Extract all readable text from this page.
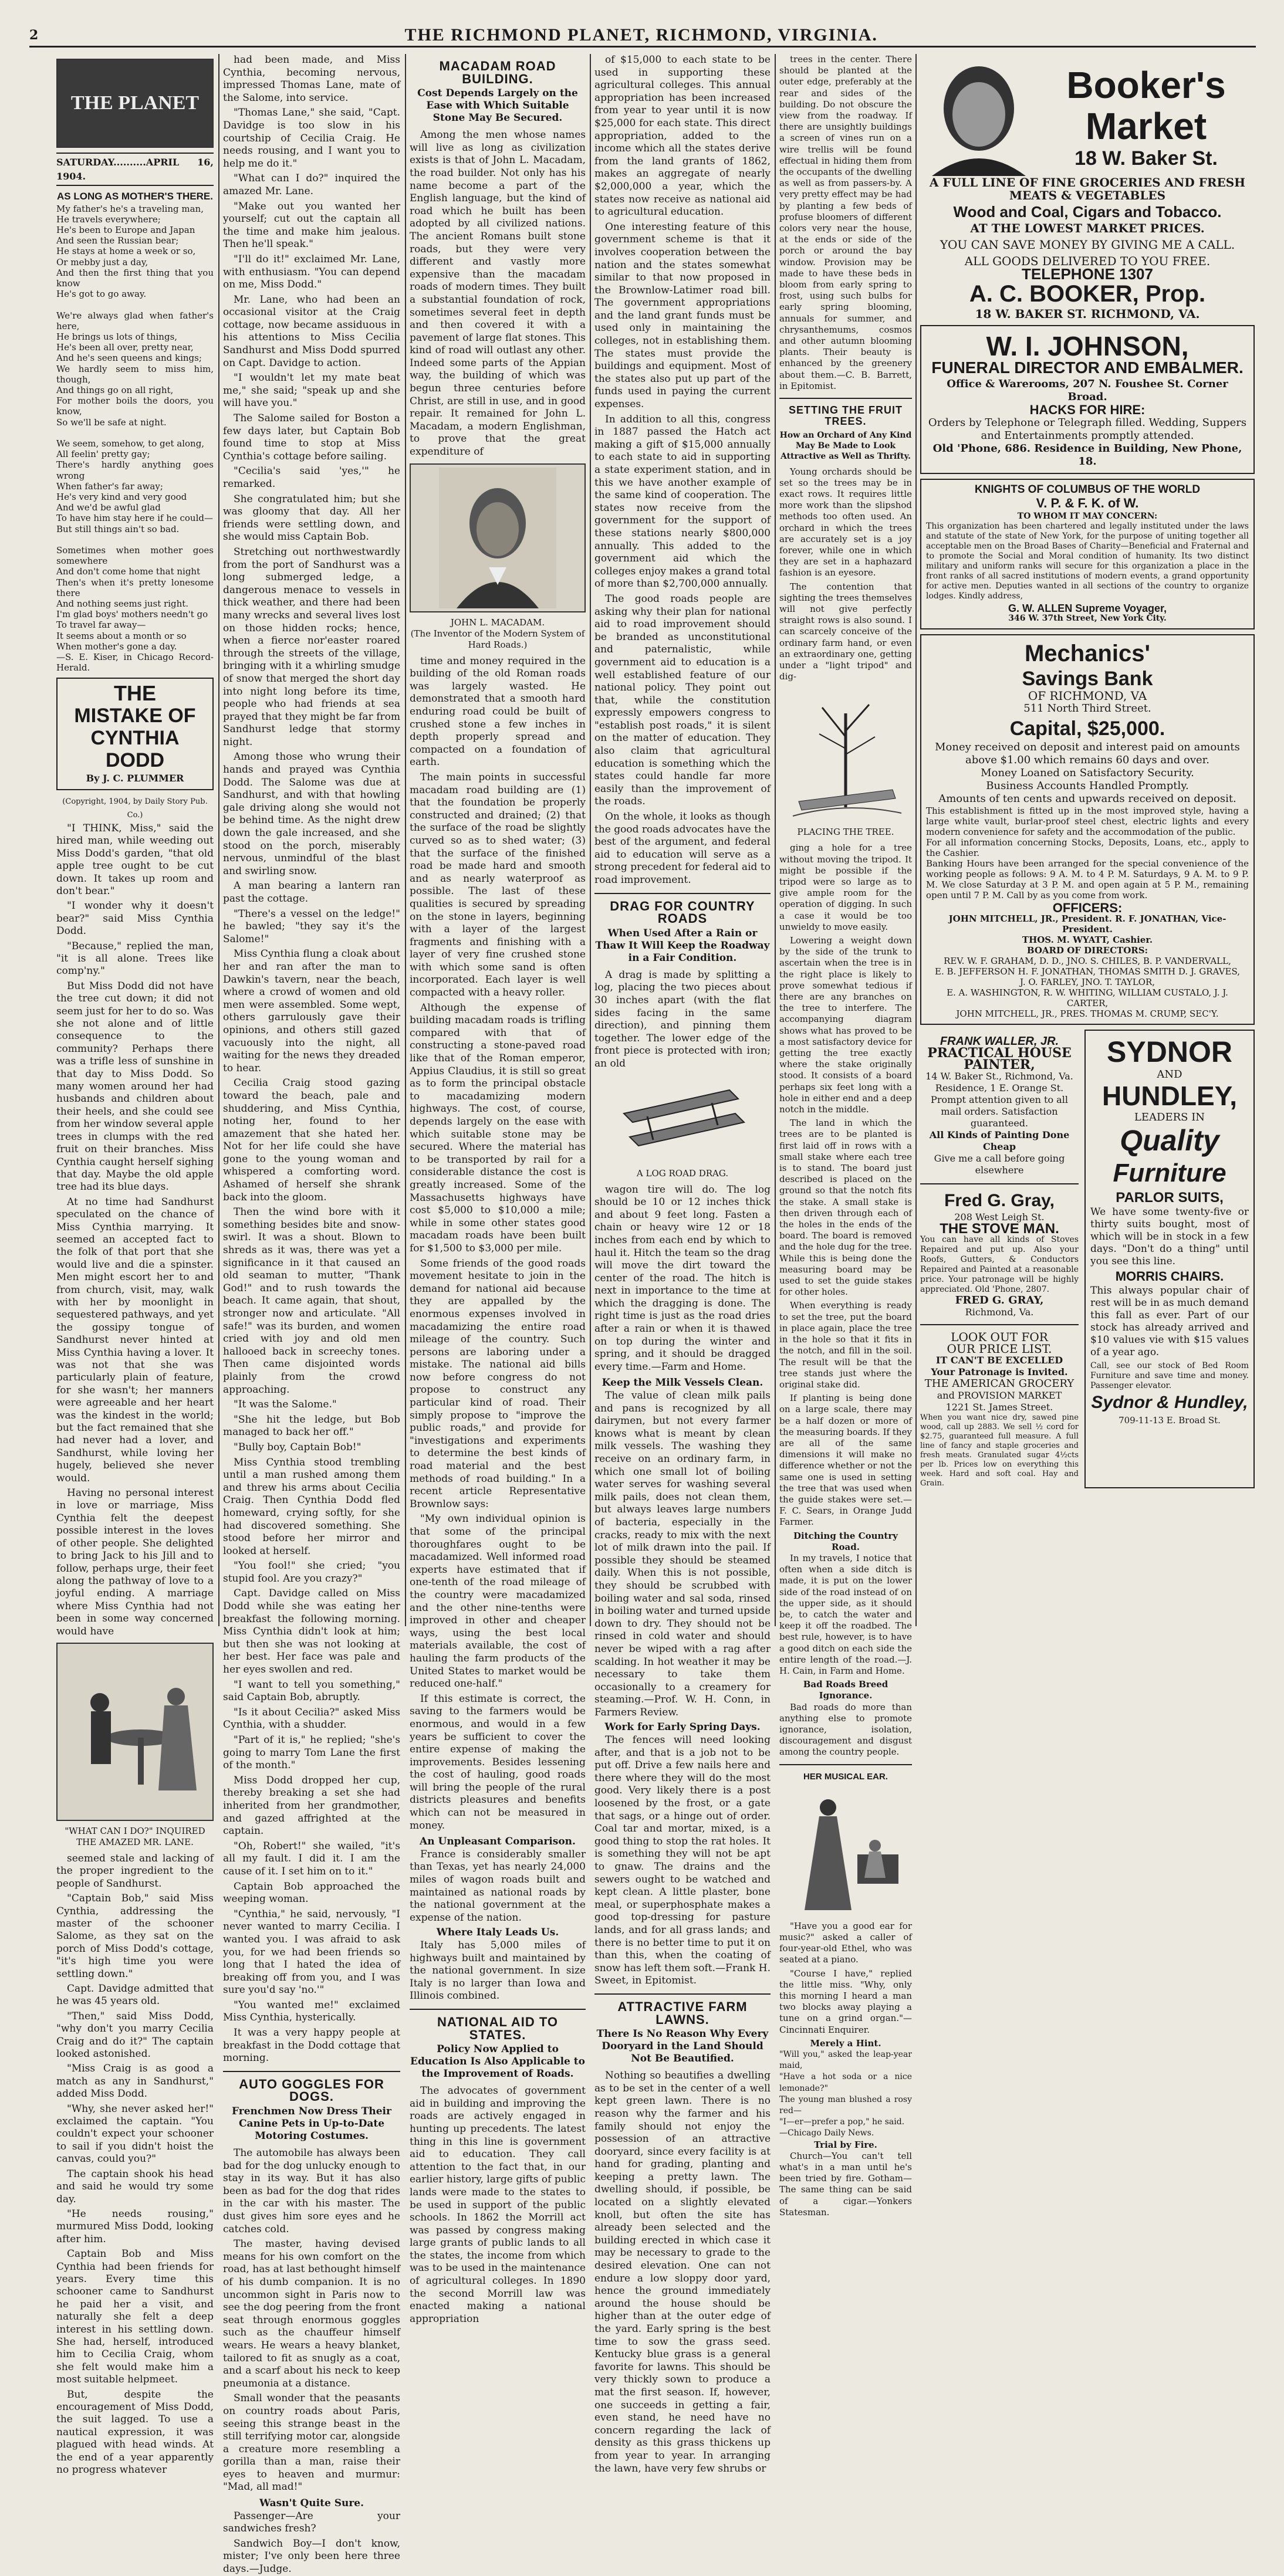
2	THE RICHMOND PLANET, RICHMOND, VIRGINIA.
THE PLANET
SATURDAY..........APRIL 16, 1904.
AS LONG AS MOTHER'S THERE.

My father's he's a traveling man,

He travels everywhere;

He's been to Europe and Japan

And seen the Russian bear;

He stays at home a week or so,

Or mebby just a day,

And then the first thing that you know

He's got to go away.

We're always glad when father's here,

He brings us lots of things,

He's been all over, pretty near,

And he's seen queens and kings;

We hardly seem to miss him, though,

And things go on all right,

For mother boils the doors, you know,

So we'll be safe at night.

We seem, somehow, to get along,

All feelin' pretty gay;

There's hardly anything goes wrong

When father's far away;

He's very kind and very good

And we'd be awful glad

To have him stay here if he could—

But still things ain't so bad.

Sometimes when mother goes somewhere

And don't come home that night

Then's when it's pretty lonesome there

And nothing seems just right.

I'm glad boys' mothers needn't go

To travel far away—

It seems about a month or so

When mother's gone a day.

—S. E. Kiser, in Chicago Record-Herald.

THE
MISTAKE OF
CYNTHIA DODD
By J. C. PLUMMER
(Copyright, 1904, by Daily Story Pub. Co.)

"I THINK, Miss," said the hired man, while weeding out Miss Dodd's garden, "that old apple tree ought to be cut down. It takes up room and don't bear."

"I wonder why it doesn't bear?" said Miss Cynthia Dodd.

"Because," replied the man, "it is all alone. Trees like comp'ny."

But Miss Dodd did not have the tree cut down; it did not seem just for her to do so. Was she not alone and of little consequence to the community? Perhaps there was a trifle less of sunshine in that day to Miss Dodd. So many women around her had husbands and children about their heels, and she could see from her window several apple trees in clumps with the red fruit on their branches. Miss Cynthia caught herself sighing that day. Maybe the old apple tree had its blue days.

At no time had Sandhurst speculated on the chance of Miss Cynthia marrying. It seemed an accepted fact to the folk of that port that she would live and die a spinster. Men might escort her to and from church, visit, may, walk with her by moonlight in sequestered pathways, and yet the gossipy tongue of Sandhurst never hinted at Miss Cynthia having a lover. It was not that she was particularly plain of feature, for she wasn't; her manners were agreeable and her heart was the kindest in the world; but the fact remained that she had never had a lover, and Sandhurst, while loving her hugely, believed she never would.

Having no personal interest in love or marriage, Miss Cynthia felt the deepest possible interest in the loves of other people. She delighted to bring Jack to his Jill and to follow, perhaps urge, their feet along the pathway of love to a joyful ending. A marriage where Miss Cynthia had not been in some way concerned would have

"WHAT CAN I DO?" INQUIRED THE AMAZED MR. LANE.

seemed stale and lacking of the proper ingredient to the people of Sandhurst.

"Captain Bob," said Miss Cynthia, addressing the master of the schooner Salome, as they sat on the porch of Miss Dodd's cottage, "it's high time you were settling down."

Capt. Davidge admitted that he was 45 years old.

"Then," said Miss Dodd, "why don't you marry Cecilia Craig and do it?" The captain looked astonished.

"Miss Craig is as good a match as any in Sandhurst," added Miss Dodd.

"Why, she never asked her!" exclaimed the captain. "You couldn't expect your schooner to sail if you didn't hoist the canvas, could you?"

The captain shook his head and said he would try some day.

"He needs rousing," murmured Miss Dodd, looking after him.

Captain Bob and Miss Cynthia had been friends for years. Every time this schooner came to Sandhurst he paid her a visit, and naturally she felt a deep interest in his settling down. She had, herself, introduced him to Cecilia Craig, whom she felt would make him a most suitable helpmeet.

But, despite the encouragement of Miss Dodd, the suit lagged. To use a nautical expression, it was plagued with head winds. At the end of a year apparently no progress whatever

had been made, and Miss Cynthia, becoming nervous, impressed Thomas Lane, mate of the Salome, into service.

"Thomas Lane," she said, "Capt. Davidge is too slow in his courtship of Cecilia Craig. He needs rousing, and I want you to help me do it."

"What can I do?" inquired the amazed Mr. Lane.

"Make out you wanted her yourself; cut out the captain all the time and make him jealous. Then he'll speak."

"I'll do it!" exclaimed Mr. Lane, with enthusiasm. "You can depend on me, Miss Dodd."

Mr. Lane, who had been an occasional visitor at the Craig cottage, now became assiduous in his attentions to Miss Cecilia Sandhurst and Miss Dodd spurred on Capt. Davidge to action.

"I wouldn't let my mate beat me," she said; "speak up and she will have you."

The Salome sailed for Boston a few days later, but Captain Bob found time to stop at Miss Cynthia's cottage before sailing.

"Cecilia's said 'yes,'" he remarked.

She congratulated him; but she was gloomy that day. All her friends were settling down, and she would miss Captain Bob.

Stretching out northwestwardly from the port of Sandhurst was a long submerged ledge, a dangerous menace to vessels in thick weather, and there had been many wrecks and several lives lost on those hidden rocks; hence, when a fierce nor'easter roared through the streets of the village, bringing with it a whirling smudge of snow that merged the short day into night long before its time, people who had friends at sea prayed that they might be far from Sandhurst ledge that stormy night.

Among those who wrung their hands and prayed was Cynthia Dodd. The Salome was due at Sandhurst, and with that howling gale driving along she would not be behind time. As the night drew down the gale increased, and she stood on the porch, miserably nervous, unmindful of the blast and swirling snow.

A man bearing a lantern ran past the cottage.

"There's a vessel on the ledge!" he bawled; "they say it's the Salome!"

Miss Cynthia flung a cloak about her and ran after the man to Dawkin's tavern, near the beach, where a crowd of women and old men were assembled. Some wept, others garrulously gave their opinions, and others still gazed vacuously into the night, all waiting for the news they dreaded to hear.

Cecilia Craig stood gazing toward the beach, pale and shuddering, and Miss Cynthia, noting her, found to her amazement that she hated her. Not for her life could she have gone to the young woman and whispered a comforting word. Ashamed of herself she shrank back into the gloom.

Then the wind bore with it something besides bite and snow-swirl. It was a shout. Blown to shreds as it was, there was yet a significance in it that caused an old seaman to mutter, "Thank God!" and to rush towards the beach. It came again, that shout, stronger now and articulate. "All safe!" was its burden, and women cried with joy and old men hallooed back in screechy tones. Then came disjointed words plainly from the crowd approaching.

"It was the Salome."

"She hit the ledge, but Bob managed to back her off."

"Bully boy, Captain Bob!"

Miss Cynthia stood trembling until a man rushed among them and threw his arms about Cecilia Craig. Then Cynthia Dodd fled homeward, crying softly, for she had discovered something. She stood before her mirror and looked at herself.

"You fool!" she cried; "you stupid fool. Are you crazy?"

Capt. Davidge called on Miss Dodd while she was eating her breakfast the following morning. Miss Cynthia didn't look at him; but then she was not looking at her best. Her face was pale and her eyes swollen and red.

"I want to tell you something," said Captain Bob, abruptly.

"Is it about Cecilia?" asked Miss Cynthia, with a shudder.

"Part of it is," he replied; "she's going to marry Tom Lane the first of the month."

Miss Dodd dropped her cup, thereby breaking a set she had inherited from her grandmother, and gazed affrighted at the captain.

"Oh, Robert!" she wailed, "it's all my fault. I did it. I am the cause of it. I set him on to it."

Captain Bob approached the weeping woman.

"Cynthia," he said, nervously, "I never wanted to marry Cecilia. I wanted you. I was afraid to ask you, for we had been friends so long that I hated the idea of breaking off from you, and I was sure you'd say 'no.'"

"You wanted me!" exclaimed Miss Cynthia, hysterically.

It was a very happy people at breakfast in the Dodd cottage that morning.

AUTO GOGGLES FOR DOGS.
Frenchmen Now Dress Their Canine Pets in Up-to-Date Motoring Costumes.

The automobile has always been bad for the dog unlucky enough to stay in its way. But it has also been as bad for the dog that rides in the car with his master. The dust gives him sore eyes and he catches cold.

The master, having devised means for his own comfort on the road, has at last bethought himself of his dumb companion. It is no uncommon sight in Paris now to see the dog peering from the front seat through enormous goggles such as the chauffeur himself wears. He wears a heavy blanket, tailored to fit as snugly as a coat, and a scarf about his neck to keep pneumonia at a distance.

Small wonder that the peasants on country roads about Paris, seeing this strange beast in the still terrifying motor car, alongside a creature more resembling a gorilla than a man, raise their eyes to heaven and murmur: "Mad, all mad!"

Wasn't Quite Sure.

Passenger—Are your sandwiches fresh?

Sandwich Boy—I don't know, mister; I've only been here three days.—Judge.

MACADAM ROAD BUILDING.
Cost Depends Largely on the Ease with Which Suitable Stone May Be Secured.

Among the men whose names will live as long as civilization exists is that of John L. Macadam, the road builder. Not only has his name become a part of the English language, but the kind of road which he built has been adopted by all civilized nations. The ancient Romans built stone roads, but they were very different and vastly more expensive than the macadam roads of modern times. They built a substantial foundation of rock, sometimes several feet in depth and then covered it with a pavement of large flat stones. This kind of road will outlast any other. Indeed some parts of the Appian way, the building of which was begun three centuries before Christ, are still in use, and in good repair. It remained for John L. Macadam, a modern Englishman, to prove that the great expenditure of

JOHN L. MACADAM.
(The Inventor of the Modern System of Hard Roads.)

time and money required in the building of the old Roman roads was largely wasted. He demonstrated that a smooth hard enduring road could be built of crushed stone a few inches in depth properly spread and compacted on a foundation of earth.

The main points in successful macadam road building are (1) that the foundation be properly constructed and drained; (2) that the surface of the road be slightly curved so as to shed water; (3) that the surface of the finished road be made hard and smooth and as nearly waterproof as possible. The last of these qualities is secured by spreading on the stone in layers, beginning with a layer of the largest fragments and finishing with a layer of very fine crushed stone with which some sand is often incorporated. Each layer is well compacted with a heavy roller.

Although the expense of building macadam roads is trifling compared with that of constructing a stone-paved road like that of the Roman emperor, Appius Claudius, it is still so great as to form the principal obstacle to macadamizing modern highways. The cost, of course, depends largely on the ease with which suitable stone may be secured. Where the material has to be transported by rail for a considerable distance the cost is greatly increased. Some of the Massachusetts highways have cost $5,000 to $10,000 a mile; while in some other states good macadam roads have been built for $1,500 to $3,000 per mile.

Some friends of the good roads movement hesitate to join in the demand for national aid because they are appalled by the enormous expenses involved in macadamizing the entire road mileage of the country. Such persons are laboring under a mistake. The national aid bills now before congress do not propose to construct any particular kind of road. Their simply propose to "improve the public roads," and provide for "investigations and experiments to determine the best kinds of road material and the best methods of road building." In a recent article Representative Brownlow says:

"My own individual opinion is that some of the principal thoroughfares ought to be macadamized. Well informed road experts have estimated that if one-tenth of the road mileage of the country were macadamized and the other nine-tenths were improved in other and cheaper ways, using the best local materials available, the cost of hauling the farm products of the United States to market would be reduced one-half."

If this estimate is correct, the saving to the farmers would be enormous, and would in a few years be sufficient to cover the entire expense of making the improvements. Besides lessening the cost of hauling, good roads will bring the people of the rural districts pleasures and benefits which can not be measured in money.

An Unpleasant Comparison.

France is considerably smaller than Texas, yet has nearly 24,000 miles of wagon roads built and maintained as national roads by the national government at the expense of the nation.

Where Italy Leads Us.

Italy has 5,000 miles of highways built and maintained by the national government. In size Italy is no larger than Iowa and Illinois combined.

NATIONAL AID TO STATES.
Policy Now Applied to Education Is Also Applicable to the Improvement of Roads.

The advocates of government aid in building and improving the roads are actively engaged in hunting up precedents. The latest thing in this line is government aid to education. They call attention to the fact that, in our earlier history, large gifts of public lands were made to the states to be used in support of the public schools. In 1862 the Morrill act was passed by congress making large grants of public lands to all the states, the income from which was to be used in the maintenance of agricultural colleges. In 1890 the second Morrill law was enacted making a national appropriation

of $15,000 to each state to be used in supporting these agricultural colleges. This annual appropriation has been increased from year to year until it is now $25,000 for each state. This direct appropriation, added to the income which all the states derive from the land grants of 1862, makes an aggregate of nearly $2,000,000 a year, which the states now receive as national aid to agricultural education.

One interesting feature of this government scheme is that it involves cooperation between the nation and the states somewhat similar to that now proposed in the Brownlow-Latimer road bill. The government appropriations and the land grant funds must be used only in maintaining the colleges, not in establishing them. The states must provide the buildings and equipment. Most of the states also put up part of the funds used in paying the current expenses.

In addition to all this, congress in 1887 passed the Hatch act making a gift of $15,000 annually to each state to aid in supporting a state experiment station, and in this we have another example of the same kind of cooperation. The states now receive from the government for the support of these stations nearly $800,000 annually. This added to the government aid which the colleges enjoy makes a grand total of more than $2,700,000 annually.

The good roads people are asking why their plan for national aid to road improvement should be branded as unconstitutional and paternalistic, while government aid to education is a well established feature of our national policy. They point out that, while the constitution expressly empowers congress to "establish post roads," it is silent on the matter of education. They also claim that agricultural education is something which the states could handle far more easily than the improvement of the roads.

On the whole, it looks as though the good roads advocates have the best of the argument, and federal aid to education will serve as a strong precedent for federal aid to road improvement.

DRAG FOR COUNTRY ROADS
When Used After a Rain or Thaw It Will Keep the Roadway in a Fair Condition.

A drag is made by splitting a log, placing the two pieces about 30 inches apart (with the flat sides facing in the same direction), and pinning them together. The lower edge of the front piece is protected with iron; an old

A LOG ROAD DRAG.

wagon tire will do. The log should be 10 or 12 inches thick and about 9 feet long. Fasten a chain or heavy wire 12 or 18 inches from each end by which to haul it. Hitch the team so the drag will move the dirt toward the center of the road. The hitch is next in importance to the time at which the dragging is done. The right time is just as the road dries after a rain or when it is thawed on top during the winter and spring, and it should be dragged every time.—Farm and Home.

Keep the Milk Vessels Clean.

The value of clean milk pails and pans is recognized by all dairymen, but not every farmer knows what is meant by clean milk vessels. The washing they receive on an ordinary farm, in which one small lot of boiling water serves for washing several milk pails, does not clean them, but always leaves large numbers of bacteria, especially in the cracks, ready to mix with the next lot of milk drawn into the pail. If possible they should be steamed daily. When this is not possible, they should be scrubbed with boiling water and sal soda, rinsed in boiling water and turned upside down to dry. They should not be rinsed in cold water and should never be wiped with a rag after scalding. In hot weather it may be necessary to take them occasionally to a creamery for steaming.—Prof. W. H. Conn, in Farmers Review.

Work for Early Spring Days.

The fences will need looking after, and that is a job not to be put off. Drive a few nails here and there where they will do the most good. Very likely there is a post loosened by the frost, or a gate that sags, or a hinge out of order. Coal tar and mortar, mixed, is a good thing to stop the rat holes. It is something they will not be apt to gnaw. The drains and the sewers ought to be watched and kept clean. A little plaster, bone meal, or superphosphate makes a good top-dressing for pasture lands, and for all grass lands; and there is no better time to put it on than this, when the coating of snow has left them soft.—Frank H. Sweet, in Epitomist.

ATTRACTIVE FARM LAWNS.
There Is No Reason Why Every Dooryard in the Land Should Not Be Beautified.

Nothing so beautifies a dwelling as to be set in the center of a well kept green lawn. There is no reason why the farmer and his family should not enjoy the possession of an attractive dooryard, since every facility is at hand for grading, planting and keeping a pretty lawn. The dwelling should, if possible, be located on a slightly elevated knoll, but often the site has already been selected and the building erected in which case it may be necessary to grade to the desired elevation. One can not endure a low sloppy door yard, hence the ground immediately around the house should be higher than at the outer edge of the yard. Early spring is the best time to sow the grass seed. Kentucky blue grass is a general favorite for lawns. This should be very thickly sown to produce a mat the first season. If, however, one succeeds in getting a fair, even stand, he need have no concern regarding the lack of density as this grass thickens up from year to year. In arranging the lawn, have very few shrubs or

trees in the center. There should be planted at the outer edge, preferably at the rear and sides of the building. Do not obscure the view from the roadway. If there are unsightly buildings a screen of vines run on a wire trellis will be found effectual in hiding them from the occupants of the dwelling as well as from passers-by. A very pretty effect may be had by planting a few beds of profuse bloomers of different colors very near the house, at the ends or side of the porch or around the bay window. Provision may be made to have these beds in bloom from early spring to frost, using such bulbs for early spring blooming, annuals for summer, and chrysanthemums, cosmos and other autumn blooming plants. Their beauty is enhanced by the greenery about them.—C. B. Barrett, in Epitomist.

SETTING THE FRUIT TREES.
How an Orchard of Any Kind May Be Made to Look Attractive as Well as Thrifty.

Young orchards should be set so the trees may be in exact rows. It requires little more work than the slipshod methods too often used. An orchard in which the trees are accurately set is a joy forever, while one in which they are set in a haphazard fashion is an eyesore.

The contention that sighting the trees themselves will not give perfectly straight rows is also sound. I can scarcely conceive of the ordinary farm hand, or even an extraordinary one, getting under a "light tripod" and dig-

PLACING THE TREE.

ging a hole for a tree without moving the tripod. It might be possible if the tripod were so large as to give ample room for the operation of digging. In such a case it would be too unwieldy to move easily.

Lowering a weight down by the side of the trunk to ascertain when the tree is in the right place is likely to prove somewhat tedious if there are any branches on the tree to interfere. The accompanying diagram shows what has proved to be a most satisfactory device for getting the tree exactly where the stake originally stood. It consists of a board perhaps six feet long with a hole in either end and a deep notch in the middle.

The land in which the trees are to be planted is first laid off in rows with a small stake where each tree is to stand. The board just described is placed on the ground so that the notch fits the stake. A small stake is then driven through each of the holes in the ends of the board. The board is removed and the hole dug for the tree. While this is being done the measuring board may be used to set the guide stakes for other holes.

When everything is ready to set the tree, put the board in place again, place the tree in the hole so that it fits in the notch, and fill in the soil. The result will be that the tree stands just where the original stake did.

If planting is being done on a large scale, there may be a half dozen or more of the measuring boards. If they are all of the same dimensions it will make no difference whether or not the same one is used in setting the tree that was used when the guide stakes were set.—F. C. Sears, in Orange Judd Farmer.

Ditching the Country Road.

In my travels, I notice that often when a side ditch is made, it is put on the lower side of the road instead of on the upper side, as it should be, to catch the water and keep it off the roadbed. The best rule, however, is to have a good ditch on each side the entire length of the road.—J. H. Cain, in Farm and Home.

Bad Roads Breed Ignorance.

Bad roads do more than anything else to promote ignorance, isolation, discouragement and disgust among the country people.

HER MUSICAL EAR.

"Have you a good ear for music?" asked a caller of four-year-old Ethel, who was seated at a piano.

"Course I have," replied the little miss. "Why, only this morning I heard a man two blocks away playing a tune on a grind organ."—Cincinnati Enquirer.

Merely a Hint.

"Will you," asked the leap-year maid,

"Have a hot soda or a nice lemonade?"

The young man blushed a rosy red—

"I—er—prefer a pop," he said.

—Chicago Daily News.

Trial by Fire.

Church—You can't tell what's in a man until he's been tried by fire. Gotham—The same thing can be said of a cigar.—Yonkers Statesman.

Booker's
Market
18 W. Baker St.
A FULL LINE OF FINE GROCERIES AND FRESH MEATS & VEGETABLES
Wood and Coal, Cigars and Tobacco.
AT THE LOWEST MARKET PRICES.
YOU CAN SAVE MONEY BY GIVING ME A CALL.
ALL GOODS DELIVERED TO YOU FREE.
TELEPHONE 1307
A. C. BOOKER, Prop.
18 W. BAKER ST. RICHMOND, VA.
W. I. JOHNSON,
FUNERAL DIRECTOR AND EMBALMER.
Office & Warerooms, 207 N. Foushee St. Corner Broad.
HACKS FOR HIRE:
Orders by Telephone or Telegraph filled. Wedding, Suppers and Entertainments promptly attended.
Old 'Phone, 686. Residence in Building, New Phone, 18.
KNIGHTS OF COLUMBUS OF THE WORLD
V. P. & F. K. of W.
TO WHOM IT MAY CONCERN:
This organization has been chartered and legally instituted under the laws and statute of the state of New York, for the purpose of uniting together all acceptable men on the Broad Bases of Charity—Beneficial and Fraternal and to promote the Social and Moral condition of humanity. Its two distinct military and uniform ranks will secure for this organization a place in the front ranks of all sacred institutions of modern events, a grand opportunity for active men. Deputies wanted in all sections of the country to organize lodges. Kindly address,
G. W. ALLEN Supreme Voyager,
346 W. 37th Street, New York City.
Mechanics'
Savings Bank
OF RICHMOND, VA
511 North Third Street.
Capital, $25,000.
Money received on deposit and interest paid on amounts above $1.00 which remains 60 days and over.
Money Loaned on Satisfactory Security.
Business Accounts Handled Promptly.
Amounts of ten cents and upwards received on deposit.
This establishment is fitted up in the most improved style, having a large white vault, burlar-proof steel chest, electric lights and every modern convenience for safety and the accommodation of the public.
For all information concerning Stocks, Deposits, Loans, etc., apply to the Cashier.
Banking Hours have been arranged for the special convenience of the working people as follows: 9 A. M. to 4 P. M. Saturdays, 9 A. M. to 9 P. M. We close Saturday at 3 P. M. and open again at 5 P. M., remaining open until 7 P. M. Call by as you come from work.
OFFICERS:
JOHN MITCHELL, JR., President. R. F. JONATHAN, Vice-President.
THOS. M. WYATT, Cashier.
BOARD OF DIRECTORS:
REV. W. F. GRAHAM, D. D., JNO. S. CHILES, B. P. VANDERVALL,
E. B. JEFFERSON H. F. JONATHAN, THOMAS SMITH D. J. GRAVES,
J. O. FARLEY, JNO. T. TAYLOR,
E. A. WASHINGTON, R. W. WHITING, WILLIAM CUSTALO, J. J. CARTER,
JOHN MITCHELL, JR., PRES. THOMAS M. CRUMP, SEC'Y.
FRANK WALLER, JR.
PRACTICAL HOUSE PAINTER,
14 W. Baker St., Richmond, Va.
Residence, 1 E. Orange St.
Prompt attention given to all mail orders. Satisfaction guaranteed.
All Kinds of Painting Done Cheap
Give me a call before going elsewhere
Fred G. Gray,
208 West Leigh St.
THE STOVE MAN.
You can have all kinds of Stoves Repaired and put up. Also your Roofs, Gutters, & Conductors Repaired and Painted at a reasonable price. Your patronage will be highly appreciated. Old 'Phone, 2807.
FRED G. GRAY,
Richmond, Va.
LOOK OUT FOR
OUR PRICE LIST.
IT CAN'T BE EXCELLED
Your Patronage is Invited.
THE AMERICAN GROCERY
and PROVISION MARKET
1221 St. James Street.
When you want nice dry, sawed pine wood, call up 2883. We sell ½ cord for $2.75, guaranteed full measure. A full line of fancy and staple groceries and fresh meats. Granulated sugar 4½cts per lb. Prices low on everything this week. Hard and soft coal. Hay and Grain.
SYDNOR
AND
HUNDLEY,
LEADERS IN
Quality
Furniture
PARLOR SUITS,
We have some twenty-five or thirty suits bought, most of which will be in stock in a few days. "Don't do a thing" until you see this line.
MORRIS CHAIRS.
This always popular chair of rest will be in as much demand this fall as ever. Part of our stock has already arrived and $10 values vie with $15 values of a year ago.
Call, see our stock of Bed Room Furniture and save time and money. Passenger elevator.
Sydnor & Hundley,
709-11-13 E. Broad St.
